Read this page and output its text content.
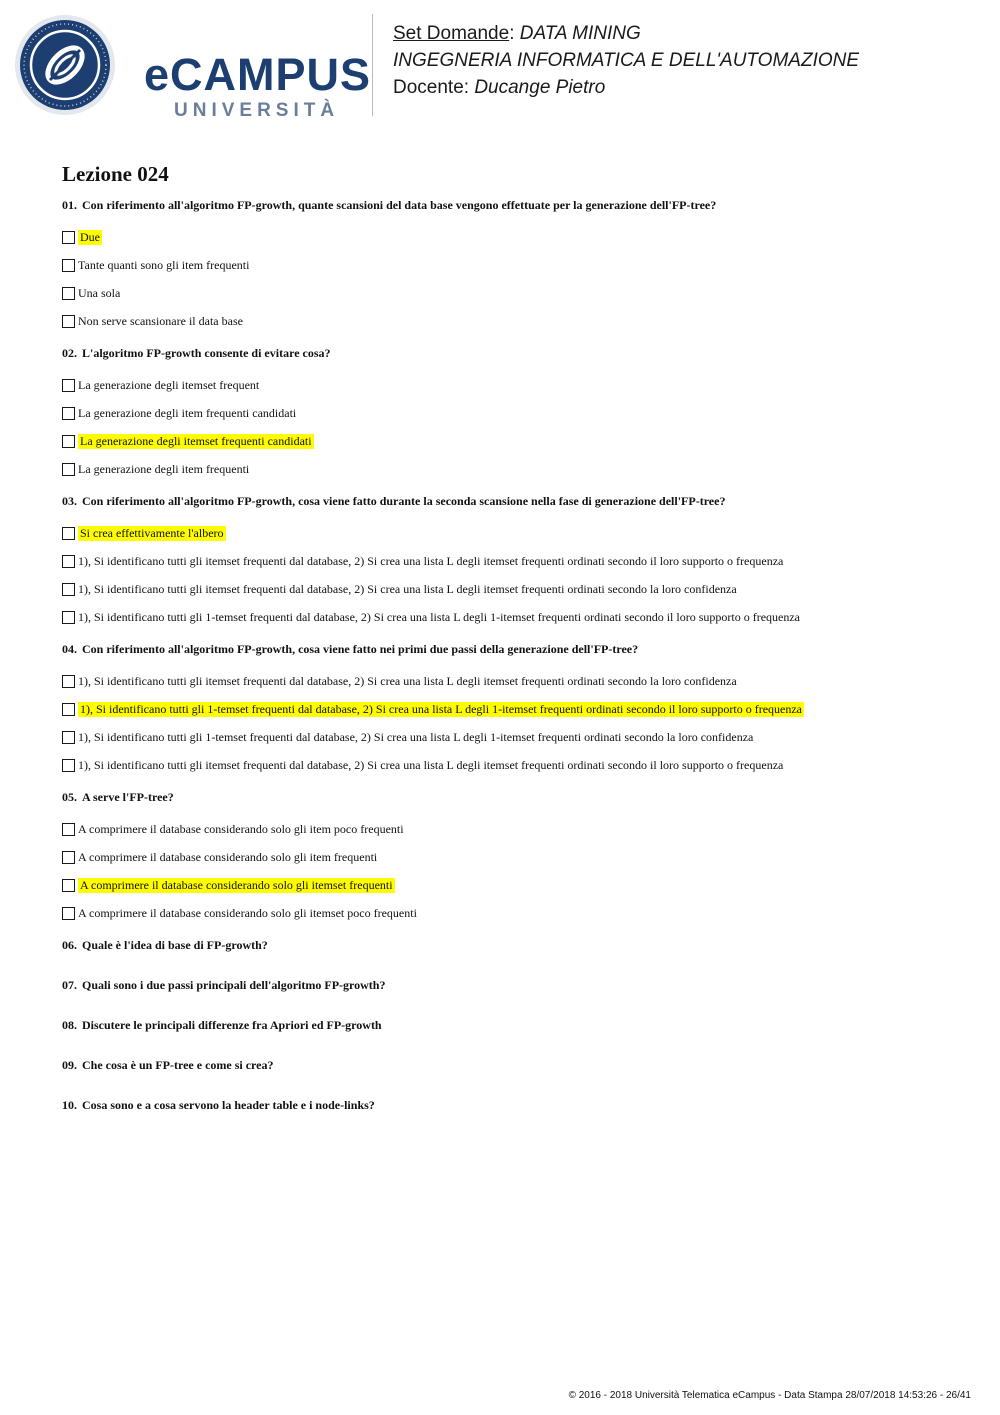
eCAMPUS
UNIVERSITÀ
Set Domande: DATA MINING
INGEGNERIA INFORMATICA E DELL'AUTOMAZIONE
Docente: Ducange Pietro
Lezione 024
01. Con riferimento all'algoritmo FP-growth, quante scansioni del data base vengono effettuate per la generazione dell'FP-tree?
Due
Tante quanti sono gli item frequenti
Una sola
Non serve scansionare il data base
02. L'algoritmo FP-growth consente di evitare cosa?
La generazione degli itemset frequent
La generazione degli item frequenti candidati
La generazione degli itemset frequenti candidati
La generazione degli item frequenti
03. Con riferimento all'algoritmo FP-growth, cosa viene fatto durante la seconda scansione nella fase di generazione dell'FP-tree?
Si crea effettivamente l'albero
1), Si identificano tutti gli itemset frequenti dal database, 2) Si crea una lista L degli itemset frequenti ordinati secondo il loro supporto o frequenza
1), Si identificano tutti gli itemset frequenti dal database, 2) Si crea una lista L degli itemset frequenti ordinati secondo la loro confidenza
1), Si identificano tutti gli 1-temset frequenti dal database, 2) Si crea una lista L degli 1-itemset frequenti ordinati secondo il loro supporto o frequenza
04. Con riferimento all'algoritmo FP-growth, cosa viene fatto nei primi due passi della generazione dell'FP-tree?
1), Si identificano tutti gli itemset frequenti dal database, 2) Si crea una lista L degli itemset frequenti ordinati secondo la loro confidenza
1), Si identificano tutti gli 1-temset frequenti dal database, 2) Si crea una lista L degli 1-itemset frequenti ordinati secondo il loro supporto o frequenza
1), Si identificano tutti gli 1-temset frequenti dal database, 2) Si crea una lista L degli 1-itemset frequenti ordinati secondo la loro confidenza
1), Si identificano tutti gli itemset frequenti dal database, 2) Si crea una lista L degli itemset frequenti ordinati secondo il loro supporto o frequenza
05. A serve l'FP-tree?
A comprimere il database considerando solo gli item poco frequenti
A comprimere il database considerando solo gli item frequenti
A comprimere il database considerando solo gli itemset frequenti
A comprimere il database considerando solo gli itemset poco frequenti
06. Quale è l'idea di base di FP-growth?
07. Quali sono i due passi principali dell'algoritmo FP-growth?
08. Discutere le principali differenze fra Apriori ed FP-growth
09. Che cosa è un FP-tree e come si crea?
10. Cosa sono e a cosa servono la header table e i node-links?
© 2016 - 2018 Università Telematica eCampus - Data Stampa 28/07/2018 14:53:26 - 26/41
